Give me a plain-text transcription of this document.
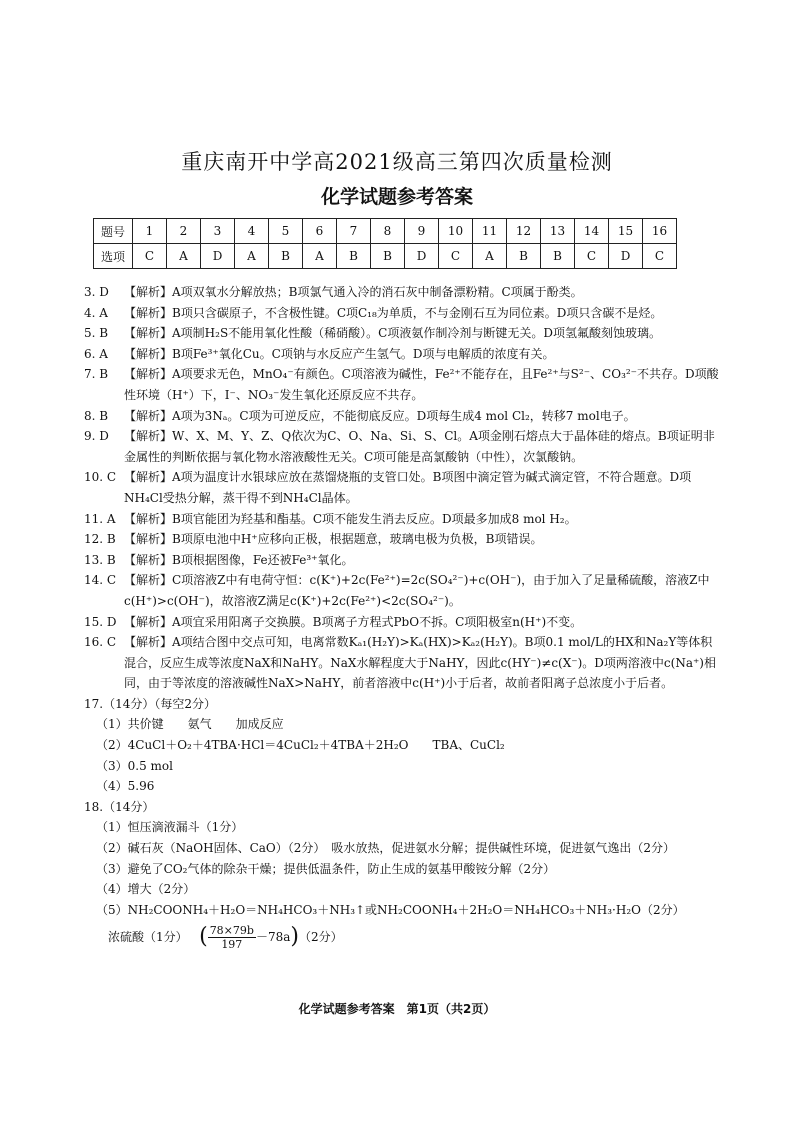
重庆南开中学高2021级高三第四次质量检测
化学试题参考答案
题号	1	2	3	4	5	6	7	8	9	10	11	12	13	14	15	16
选项	C	A	D	A	B	A	B	B	D	C	A	B	B	C	D	C
3. D	【解析】A项双氧水分解放热；B项氯气通入冷的消石灰中制备漂粉精。C项属于酚类。
4. A	【解析】B项只含碳原子，不含极性键。C项C₁₈为单质，不与金刚石互为同位素。D项只含碳不是烃。
5. B	【解析】A项制H₂S不能用氧化性酸（稀硝酸）。C项液氨作制冷剂与断键无关。D项氢氟酸刻蚀玻璃。
6. A	【解析】B项Fe³⁺氧化Cu。C项钠与水反应产生氢气。D项与电解质的浓度有关。
7. B	【解析】A项要求无色，MnO₄⁻有颜色。C项溶液为碱性，Fe²⁺不能存在，且Fe²⁺与S²⁻、CO₃²⁻不共存。D项酸性环境（H⁺）下，I⁻、NO₃⁻发生氧化还原反应不共存。
8. B	【解析】A项为3Nₐ。C项为可逆反应，不能彻底反应。D项每生成4 mol Cl₂，转移7 mol电子。
9. D	【解析】W、X、M、Y、Z、Q依次为C、O、Na、Si、S、Cl。A项金刚石熔点大于晶体硅的熔点。B项证明非金属性的判断依据与氧化物水溶液酸性无关。C项可能是高氯酸钠（中性），次氯酸钠。
10. C 【解析】A项为温度计水银球应放在蒸馏烧瓶的支管口处。B项图中滴定管为碱式滴定管，不符合题意。D项NH₄Cl受热分解，蒸干得不到NH₄Cl晶体。
11. A 【解析】B项官能团为羟基和酯基。C项不能发生消去反应。D项最多加成8 mol H₂。
12. B 【解析】B项原电池中H⁺应移向正极，根据题意，玻璃电极为负极，B项错误。
13. B 【解析】B项根据图像，Fe还被Fe³⁺氧化。
14. C 【解析】C项溶液Z中有电荷守恒：c(K⁺)+2c(Fe²⁺)=2c(SO₄²⁻)+c(OH⁻)，由于加入了足量稀硫酸，溶液Z中c(H⁺)>c(OH⁻)，故溶液Z满足c(K⁺)+2c(Fe²⁺)<2c(SO₄²⁻)。
15. D 【解析】A项宜采用阳离子交换膜。B项离子方程式PbO不拆。C项阳极室n(H⁺)不变。
16. C 【解析】A项结合图中交点可知，电离常数Kₐ₁(H₂Y)>Kₐ(HX)>Kₐ₂(H₂Y)。B项0.1 mol/L的HX和Na₂Y等体积混合，反应生成等浓度NaX和NaHY。NaX水解程度大于NaHY，因此c(HY⁻)≠c(X⁻)。D项两溶液中c(Na⁺)相同，由于等浓度的溶液碱性NaX>NaHY，前者溶液中c(H⁺)小于后者，故前者阳离子总浓度小于后者。
17.（14分）（每空2分）
（1）共价键　　氨气　　加成反应
（2）4CuCl＋O₂＋4TBA·HCl＝4CuCl₂＋4TBA＋2H₂O　　TBA、CuCl₂
（3）0.5 mol
（4）5.96
18.（14分）
（1）恒压滴液漏斗（1分）
（2）碱石灰（NaOH固体、CaO）（2分）　吸水放热，促进氨水分解；提供碱性环境，促进氨气逸出（2分）
（3）避免了CO₂气体的除杂干燥；提供低温条件，防止生成的氨基甲酸铵分解（2分）
（4）增大（2分）
（5）NH₂COONH₄＋H₂O＝NH₄HCO₃＋NH₃↑或NH₂COONH₄＋2H₂O＝NH₄HCO₃＋NH₃·H₂O（2分）
浓硫酸（1分） ( $\frac{78\times 79b}{197} -78a)(2$分）
化学试题参考答案　第1页（共2页）
